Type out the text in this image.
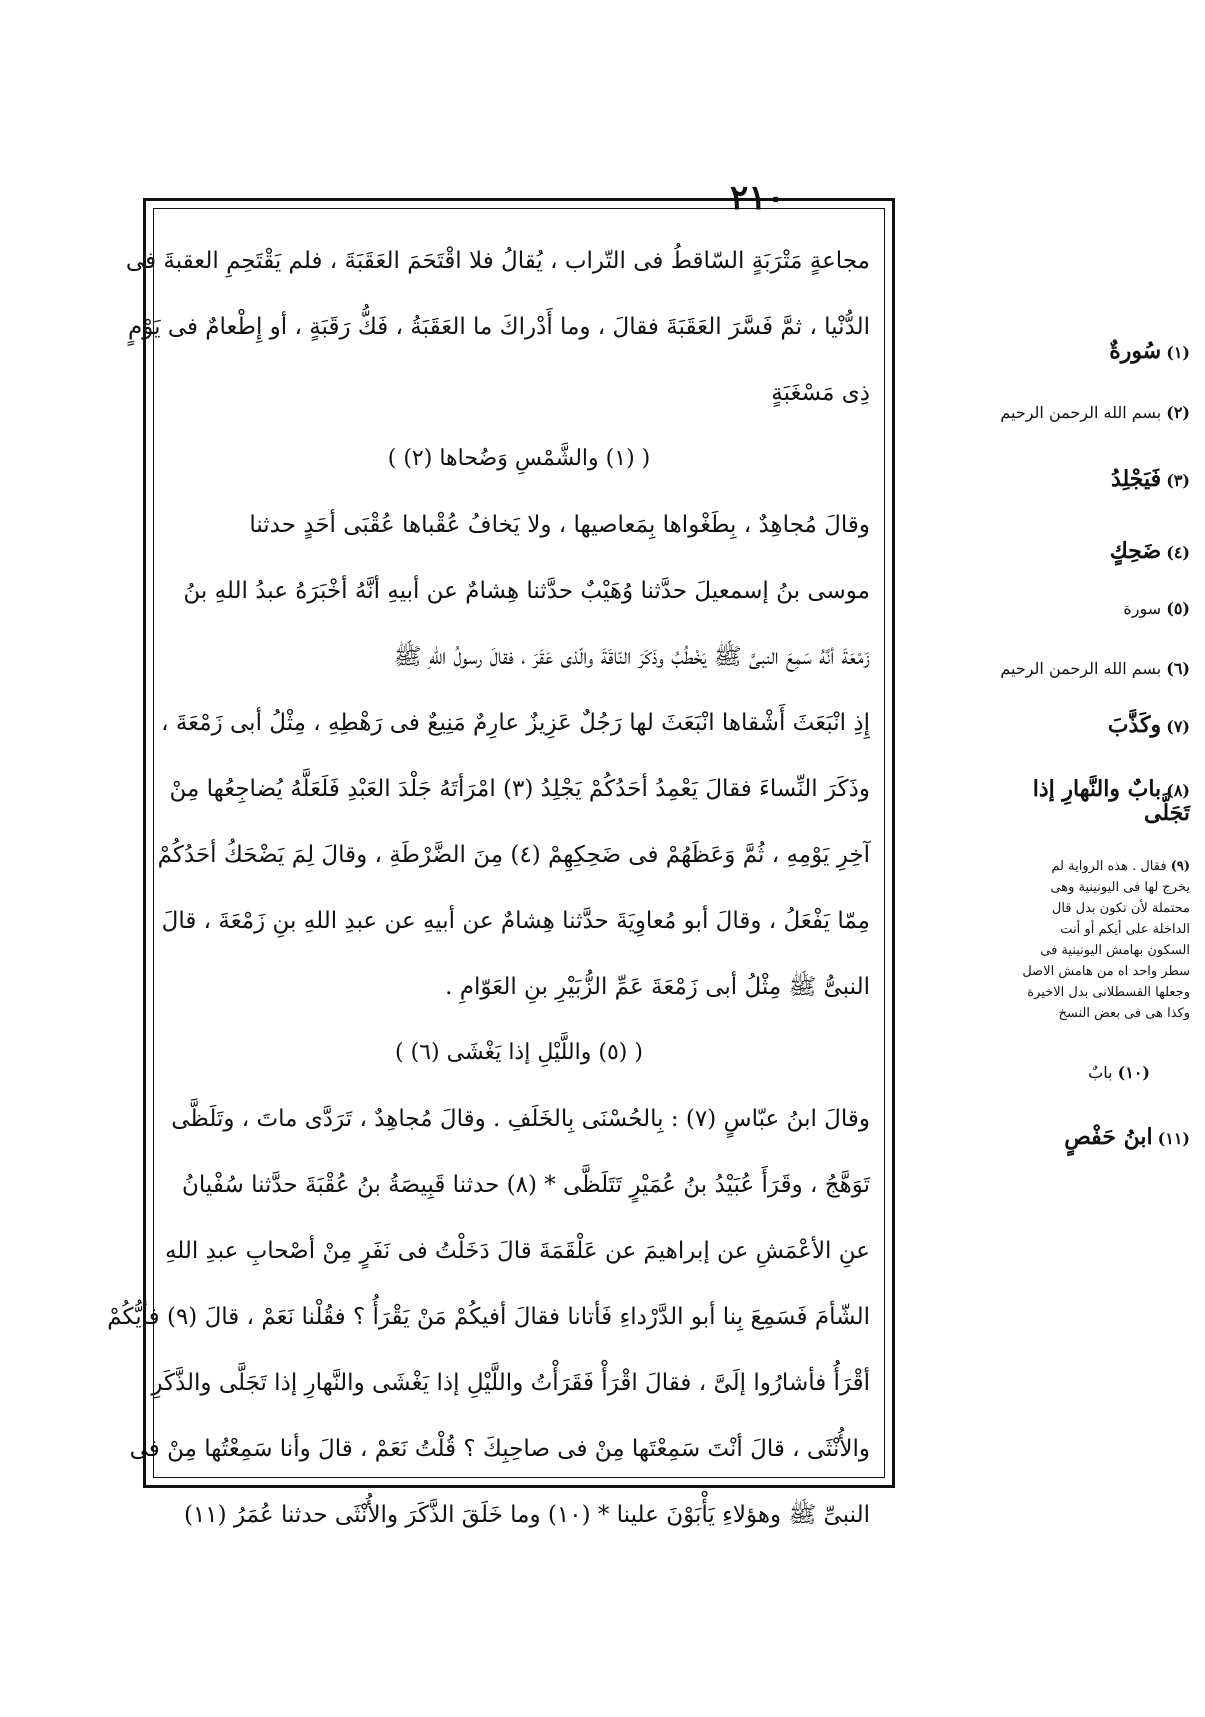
٢١٠
مجاعةٍ مَتْرَبَةٍ السّاقطُ فى التّراب ، يُقالُ فلا اقْتَحَمَ العَقَبَةَ ، فلم يَقْتَحِمِ العقبةَ فى
الدُّنْيا ، ثمَّ فَسَّرَ العَقَبَةَ فقالَ ، وما أَدْراكَ ما العَقَبَةُ ، فَكُّ رَقَبَةٍ ، أو إِطْعامٌ فى يَوْمٍ
ذِى مَسْغَبَةٍ
( (١) والشَّمْسِ وَضُحاها (٢) )
وقالَ مُجاهِدٌ ، بِطَغْواها بِمَعاصيها ، ولا يَخافُ عُقْباها عُقْبَى أحَدٍ حدثنا
موسى بنُ إسمعيلَ حدَّثنا وُهَيْبٌ حدَّثنا هِشامٌ عن أبيهِ أنَّهُ أخْبَرَهُ عبدُ اللهِ بنُ
زَمْعَةَ أنَّهُ سَمِعَ النبىَّ ﷺ يَخْطُبُ وذَكَرَ النّاقَةَ والّذى عَقَرَ ، فقالَ رسولُ اللهِ ﷺ
إِذِ انْبَعَثَ أَشْقاها انْبَعَثَ لها رَجُلٌ عَزِيزٌ عارِمٌ مَنِيعٌ فى رَهْطِهِ ، مِثْلُ أبى زَمْعَةَ ،
وذَكَرَ النِّساءَ فقالَ يَعْمِدُ أحَدُكُمْ يَجْلِدُ (٣) امْرَأتَهُ جَلْدَ العَبْدِ فَلَعَلَّهُ يُضاجِعُها مِنْ
آخِرِ يَوْمِهِ ، ثُمَّ وَعَظَهُمْ فى ضَحِكِهِمْ (٤) مِنَ الضَّرْطَةِ ، وقالَ لِمَ يَضْحَكُ أحَدُكُمْ
مِمّا يَفْعَلُ ، وقالَ أبو مُعاوِيَةَ حدَّثنا هِشامٌ عن أبيهِ عن عبدِ اللهِ بنِ زَمْعَةَ ، قالَ
النبىُّ ﷺ مِثْلُ أبى زَمْعَةَ عَمِّ الزُّبَيْرِ بنِ العَوّامِ .
( (٥) واللَّيْلِ إذا يَغْشَى (٦) )
وقالَ ابنُ عبّاسٍ (٧) : بِالحُسْنَى بِالخَلَفِ . وقالَ مُجاهِدٌ ، تَرَدَّى ماتَ ، وتَلَظَّى
تَوَهَّجُ ، وقَرَأَ عُبَيْدُ بنُ عُمَيْرٍ تَتَلَظَّى * (٨) حدثنا قَبِيصَةُ بنُ عُقْبَةَ حدَّثنا سُفْيانُ
عنِ الأعْمَشِ عن إبراهيمَ عن عَلْقَمَةَ قالَ دَخَلْتُ فى نَفَرٍ مِنْ أصْحابِ عبدِ اللهِ
الشّأمَ فَسَمِعَ بِنا أبو الدَّرْداءِ فَأتانا فقالَ أفيكُمْ مَنْ يَقْرَأُ ؟ فقُلْنا نَعَمْ ، قالَ (٩) فأيُّكُمْ
أقْرَأُ فأشارُوا إلَىَّ ، فقالَ اقْرَأْ فَقَرَأْتُ واللَّيْلِ إذا يَغْشَى والنَّهارِ إذا تَجَلَّى والذَّكَرِ
والأُنْثَى ، قالَ أنْتَ سَمِعْتَها مِنْ فى صاحِبِكَ ؟ قُلْتُ نَعَمْ ، قالَ وأنا سَمِعْتُها مِنْ فى
النبىِّ ﷺ وهؤلاءِ يَأْبَوْنَ علينا * (١٠) وما خَلَقَ الذَّكَرَ والأُنْثَى حدثنا عُمَرُ (١١)
(١) سُورةٌ
(٢) بسم الله الرحمن الرحيم
(٣) فَيَجْلِدُ
(٤) ضَحِكٍ
(٥) سورة
(٦) بسم الله الرحمن الرحيم
(٧) وكَذَّبَ
(٨) بابٌ والنَّهارِ إذا تَجَلَّى
(٩) فقال . هذه الرواية لم يخرج لها فى اليونينية وهى محتملة لأن تكون بدل قال الداخلة على أيكم أو أنت السكون بهامش اليونينية فى سطر واحد اه من هامش الاصل وجعلها القسطلانى بدل الاخيرة وكذا هى فى بعض النسخ
(١٠) بابٌ
(١١) ابنُ حَفْصٍ
